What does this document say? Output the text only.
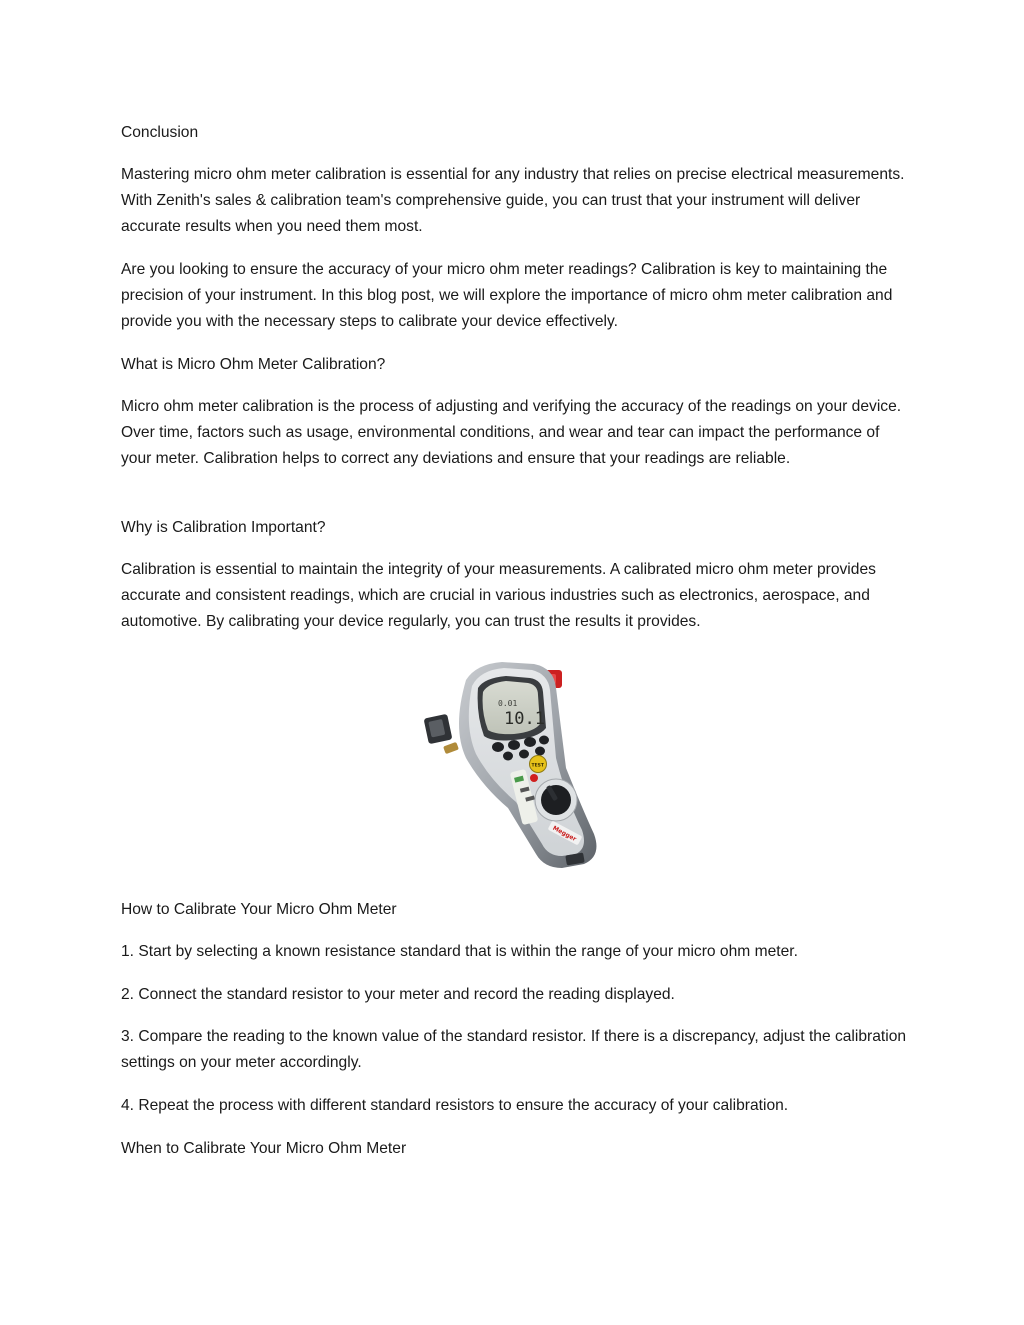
Conclusion

Mastering micro ohm meter calibration is essential for any industry that relies on precise electrical measurements. With Zenith's sales & calibration team's comprehensive guide, you can trust that your instrument will deliver accurate results when you need them most.

Are you looking to ensure the accuracy of your micro ohm meter readings? Calibration is key to maintaining the precision of your instrument. In this blog post, we will explore the importance of micro ohm meter calibration and provide you with the necessary steps to calibrate your device effectively.

What is Micro Ohm Meter Calibration?

Micro ohm meter calibration is the process of adjusting and verifying the accuracy of the readings on your device. Over time, factors such as usage, environmental conditions, and wear and tear can impact the performance of your meter. Calibration helps to correct any deviations and ensure that your readings are reliable.

Why is Calibration Important?

Calibration is essential to maintain the integrity of your measurements. A calibrated micro ohm meter provides accurate and consistent readings, which are crucial in various industries such as electronics, aerospace, and automotive. By calibrating your device regularly, you can trust the results it provides.

0.01
10.1
TEST
Megger

How to Calibrate Your Micro Ohm Meter

1. Start by selecting a known resistance standard that is within the range of your micro ohm meter.

2. Connect the standard resistor to your meter and record the reading displayed.

3. Compare the reading to the known value of the standard resistor. If there is a discrepancy, adjust the calibration settings on your meter accordingly.

4. Repeat the process with different standard resistors to ensure the accuracy of your calibration.

When to Calibrate Your Micro Ohm Meter
